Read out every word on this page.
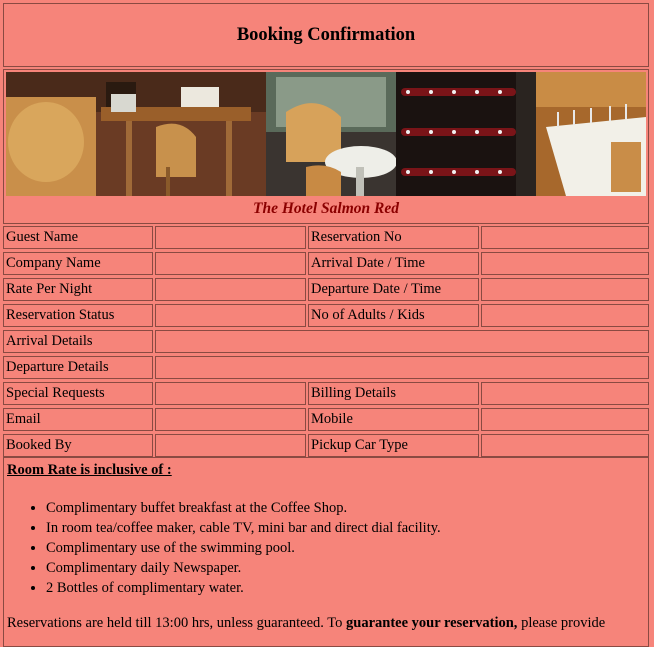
Booking Confirmation
The Hotel Salmon Red
Guest Name	Reservation No
Company Name	Arrival Date / Time
Rate Per Night	Departure Date / Time
Reservation Status	No of Adults / Kids
Arrival Details
Departure Details
Special Requests	Billing Details
Email	Mobile
Booked By	Pickup Car Type
Room Rate is inclusive of :
• Complimentary buffet breakfast at the Coffee Shop.
• In room tea/coffee maker, cable TV, mini bar and direct dial facility.
• Complimentary use of the swimming pool.
• Complimentary daily Newspaper.
• 2 Bottles of complimentary water.
Reservations are held till 13:00 hrs, unless guaranteed. To guarantee your reservation, please provide
